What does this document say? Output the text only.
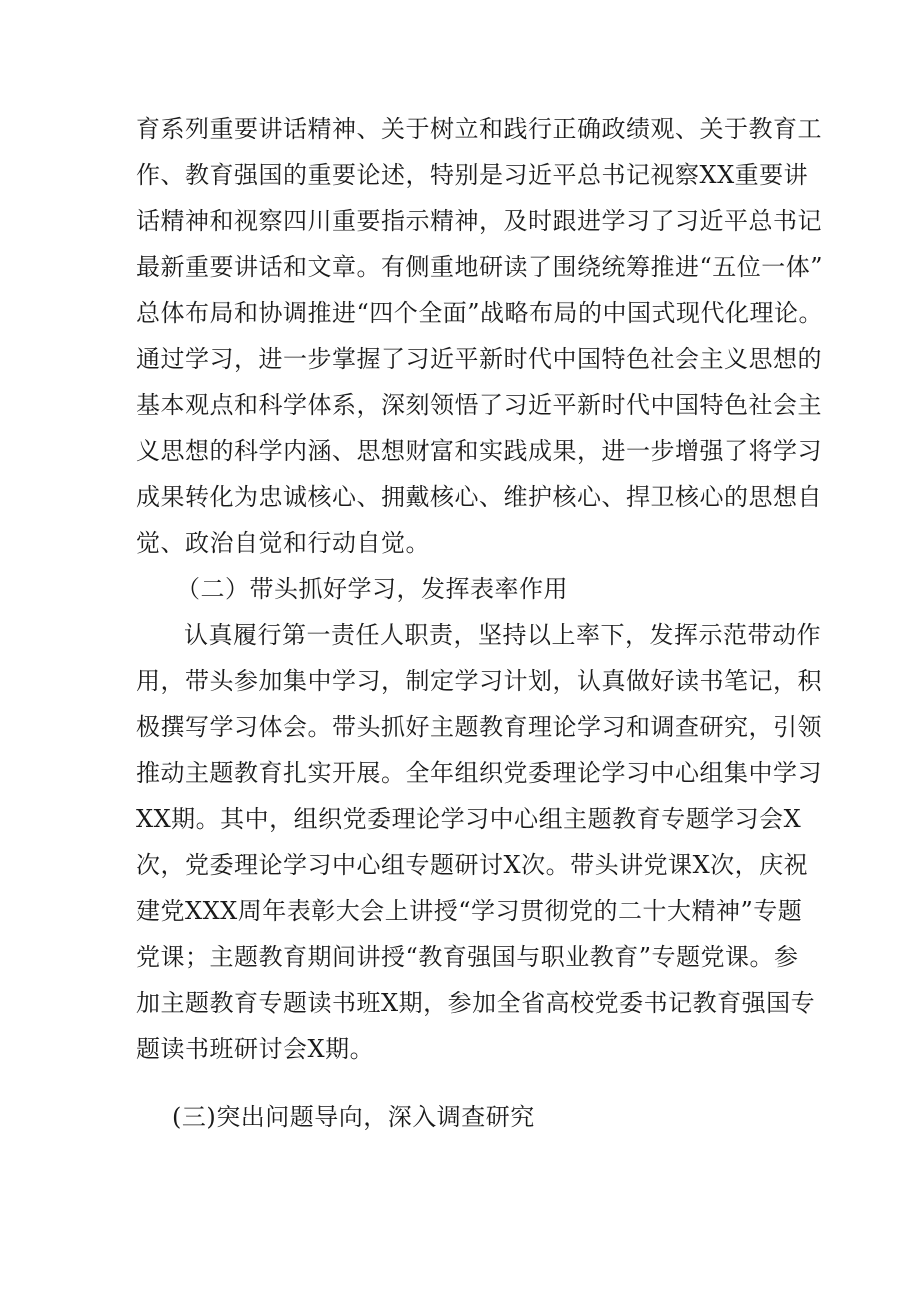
育系列重要讲话精神、关于树立和践行正确政绩观、关于教育工
作、教育强国的重要论述，特别是习近平总书记视察XX重要讲
话精神和视察四川重要指示精神，及时跟进学习了习近平总书记
最新重要讲话和文章。有侧重地研读了围绕统筹推进“五位一体”
总体布局和协调推进“四个全面”战略布局的中国式现代化理论。
通过学习，进一步掌握了习近平新时代中国特色社会主义思想的
基本观点和科学体系，深刻领悟了习近平新时代中国特色社会主
义思想的科学内涵、思想财富和实践成果，进一步增强了将学习
成果转化为忠诚核心、拥戴核心、维护核心、捍卫核心的思想自
觉、政治自觉和行动自觉。
（二）带头抓好学习，发挥表率作用
认真履行第一责任人职责，坚持以上率下，发挥示范带动作
用，带头参加集中学习，制定学习计划，认真做好读书笔记，积
极撰写学习体会。带头抓好主题教育理论学习和调查研究，引领
推动主题教育扎实开展。全年组织党委理论学习中心组集中学习
XX期。其中，组织党委理论学习中心组主题教育专题学习会X
次，党委理论学习中心组专题研讨X次。带头讲党课X次，庆祝
建党XXX周年表彰大会上讲授“学习贯彻党的二十大精神”专题
党课；主题教育期间讲授“教育强国与职业教育”专题党课。参
加主题教育专题读书班X期，参加全省高校党委书记教育强国专
题读书班研讨会X期。
(三)突出问题导向，深入调查研究
